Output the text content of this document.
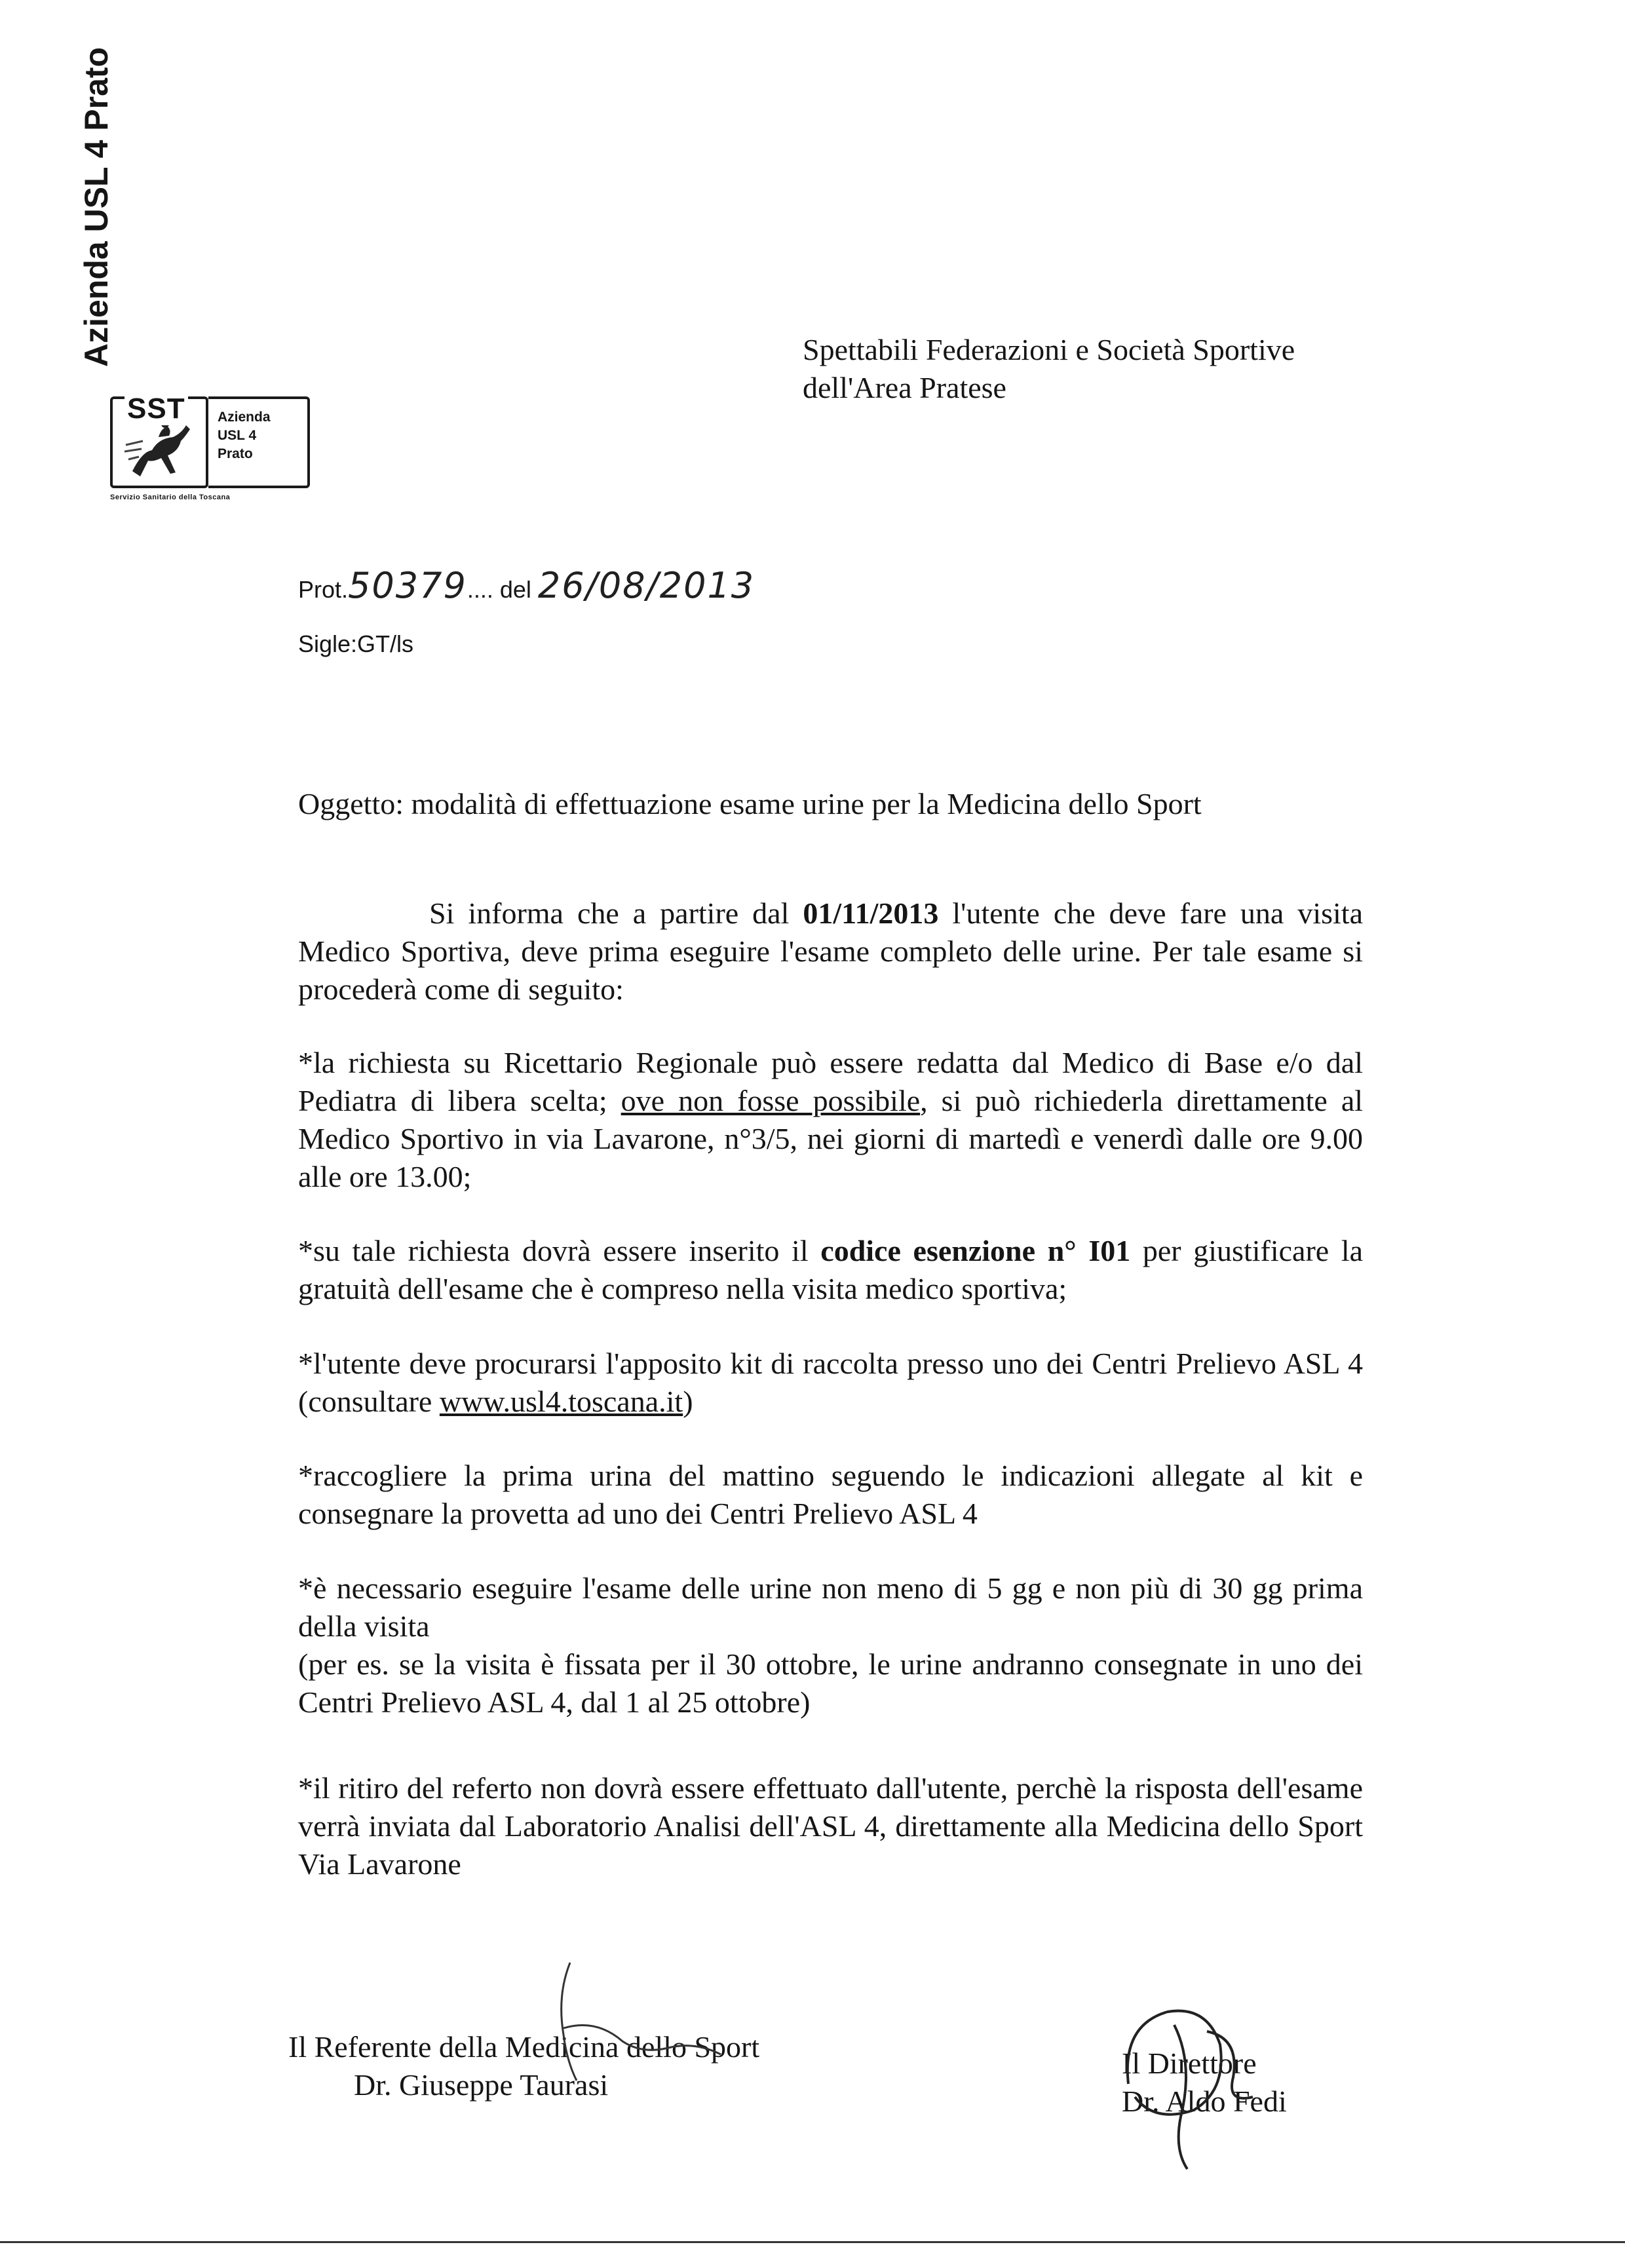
Azienda USL 4 Prato
SST Azienda
USL 4
Prato
Servizio Sanitario della Toscana
Spettabili Federazioni e Società Sportive
dell'Area Pratese
Prot.50379.... del 26/08/2013
Sigle:GT/ls
Oggetto: modalità di effettuazione esame urine per la Medicina dello Sport
Si informa che a partire dal 01/11/2013 l'utente che deve fare una visita Medico Sportiva, deve prima eseguire l'esame completo delle urine. Per tale esame si procederà come di seguito:
*la richiesta su Ricettario Regionale può essere redatta dal Medico di Base e/o dal Pediatra di libera scelta; ove non fosse possibile, si può richiederla direttamente al Medico Sportivo in via Lavarone, n°3/5, nei giorni di martedì e venerdì dalle ore 9.00 alle ore 13.00;
*su tale richiesta dovrà essere inserito il codice esenzione n° I01 per giustificare la gratuità dell'esame che è compreso nella visita medico sportiva;
*l'utente deve procurarsi l'apposito kit di raccolta presso uno dei Centri Prelievo ASL 4 (consultare www.usl4.toscana.it)
*raccogliere la prima urina del mattino seguendo le indicazioni allegate al kit e consegnare la provetta ad uno dei Centri Prelievo ASL 4
*è necessario eseguire l'esame delle urine non meno di 5 gg e non più di 30 gg prima della visita
(per es. se la visita è fissata per il 30 ottobre, le urine andranno consegnate in uno dei Centri Prelievo ASL 4, dal 1 al 25 ottobre)
*il ritiro del referto non dovrà essere effettuato dall'utente, perchè la risposta dell'esame verrà inviata dal Laboratorio Analisi dell'ASL 4, direttamente alla Medicina dello Sport Via Lavarone
Il Referente della Medicina dello Sport
Dr. Giuseppe Taurasi
Il Direttore
Dr. Aldo Fedi
